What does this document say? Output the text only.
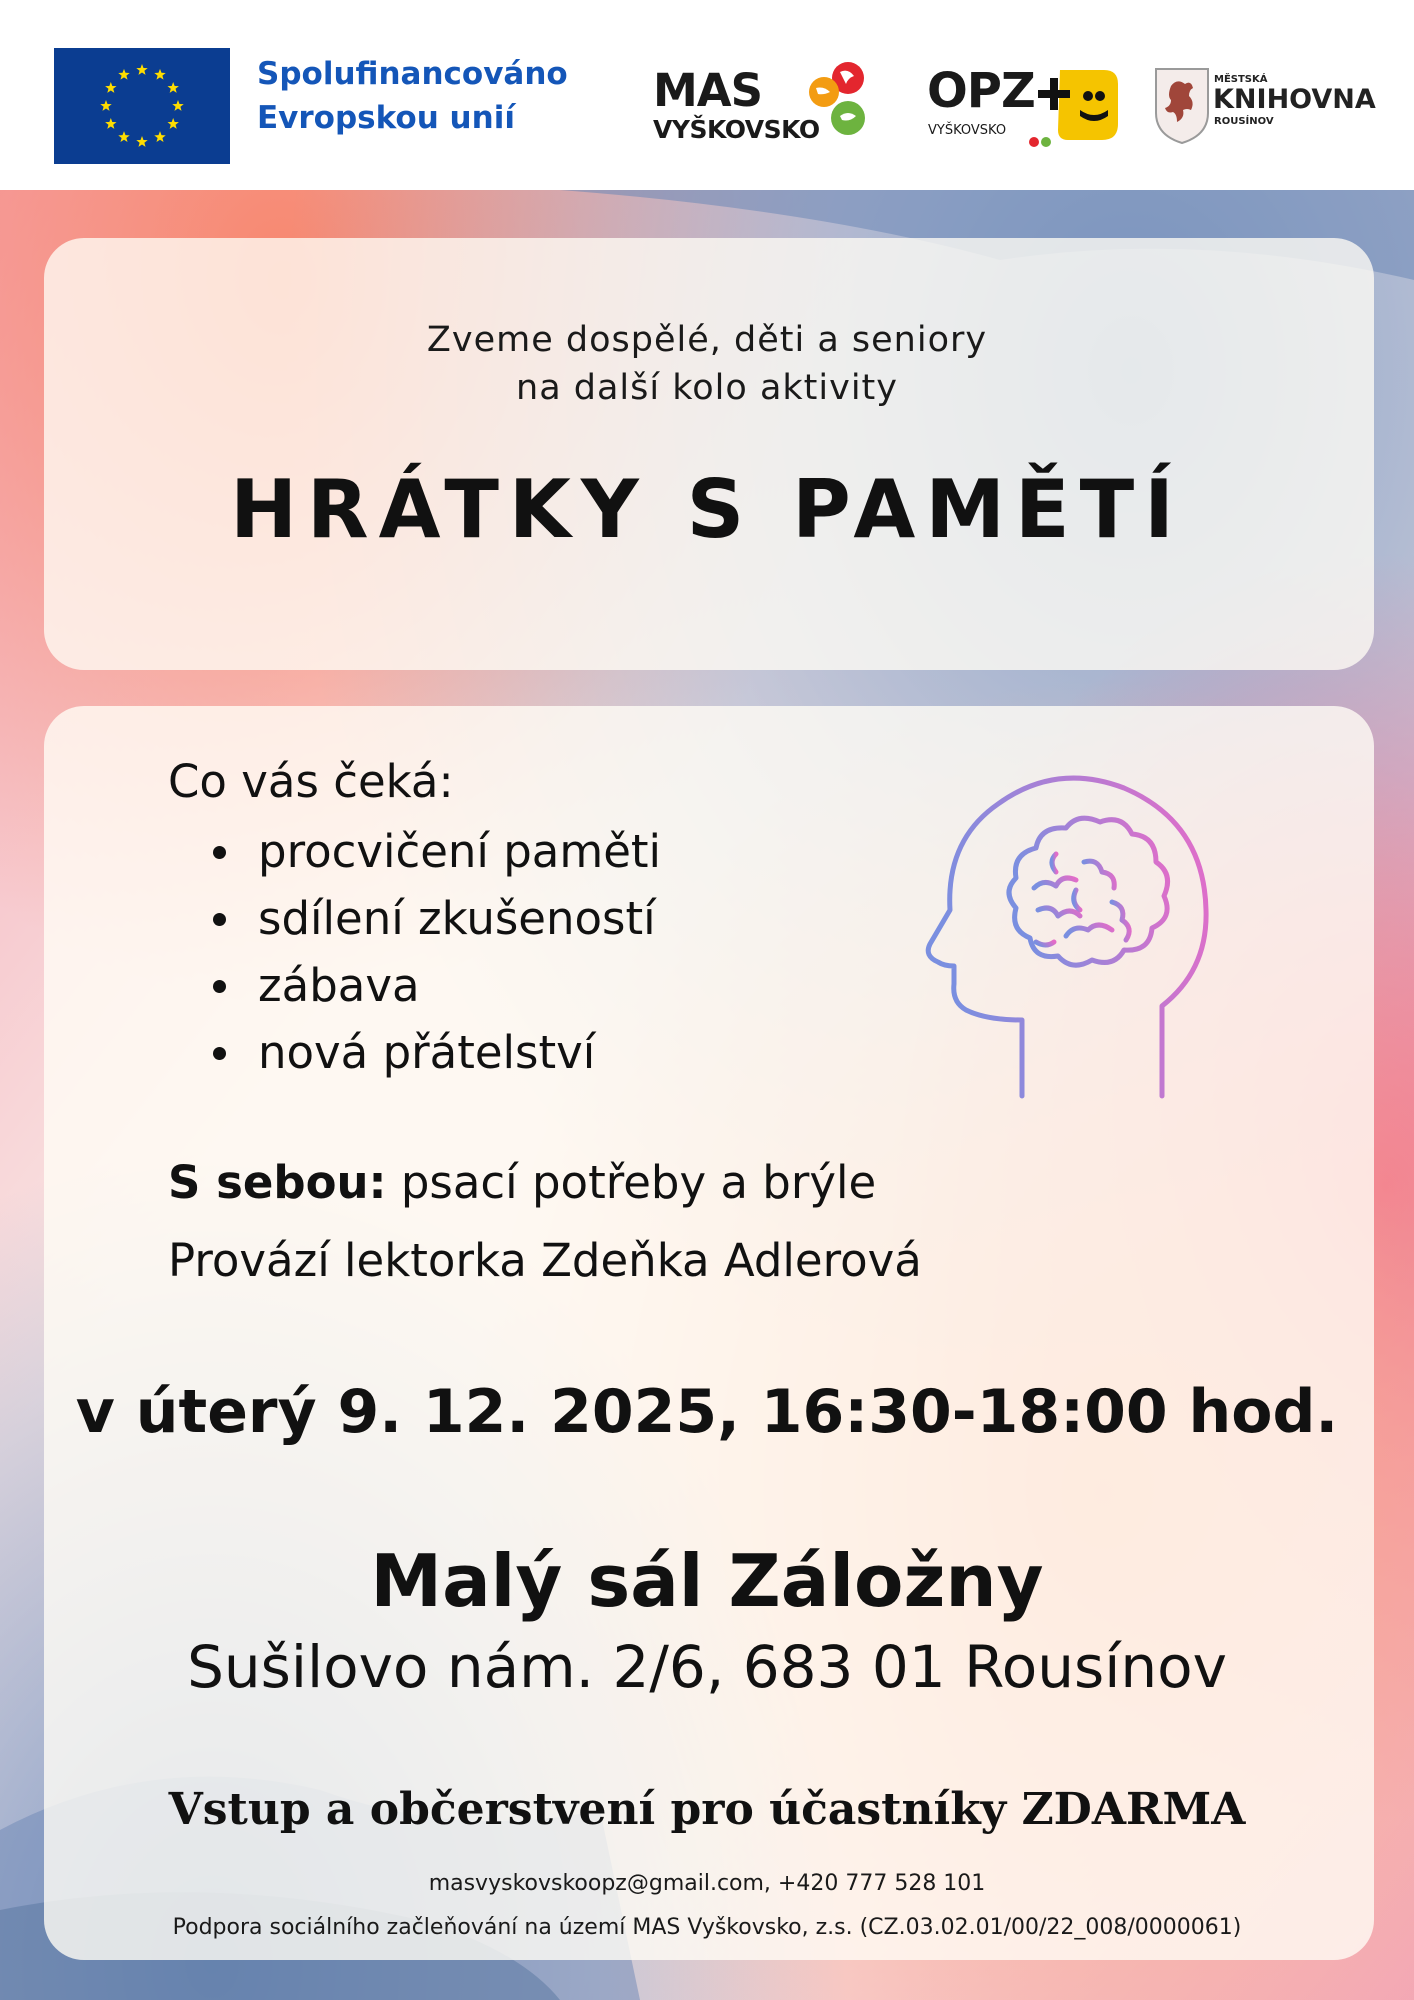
Spolufinancováno
Evropskou unií
MAS
VYŠKOVSKO
OPZ
VYŠKOVSKO
MĚSTSKÁ
KNIHOVNA
ROUSÍNOV
Zveme dospělé, děti a seniory
na další kolo aktivity
HRÁTKY S PAMĚTÍ
Co vás čeká:
procvičení paměti
sdílení zkušeností
zábava
nová přátelství
S sebou: psací potřeby a brýle
Provází lektorka Zdeňka Adlerová
v úterý 9. 12. 2025, 16:30-18:00 hod.
Malý sál Záložny
Sušilovo nám. 2/6, 683 01 Rousínov
Vstup a občerstvení pro účastníky ZDARMA
masvyskovskoopz@gmail.com, +420 777 528 101
Podpora sociálního začleňování na území MAS Vyškovsko, z.s. (CZ.03.02.01/00/22_008/0000061)
